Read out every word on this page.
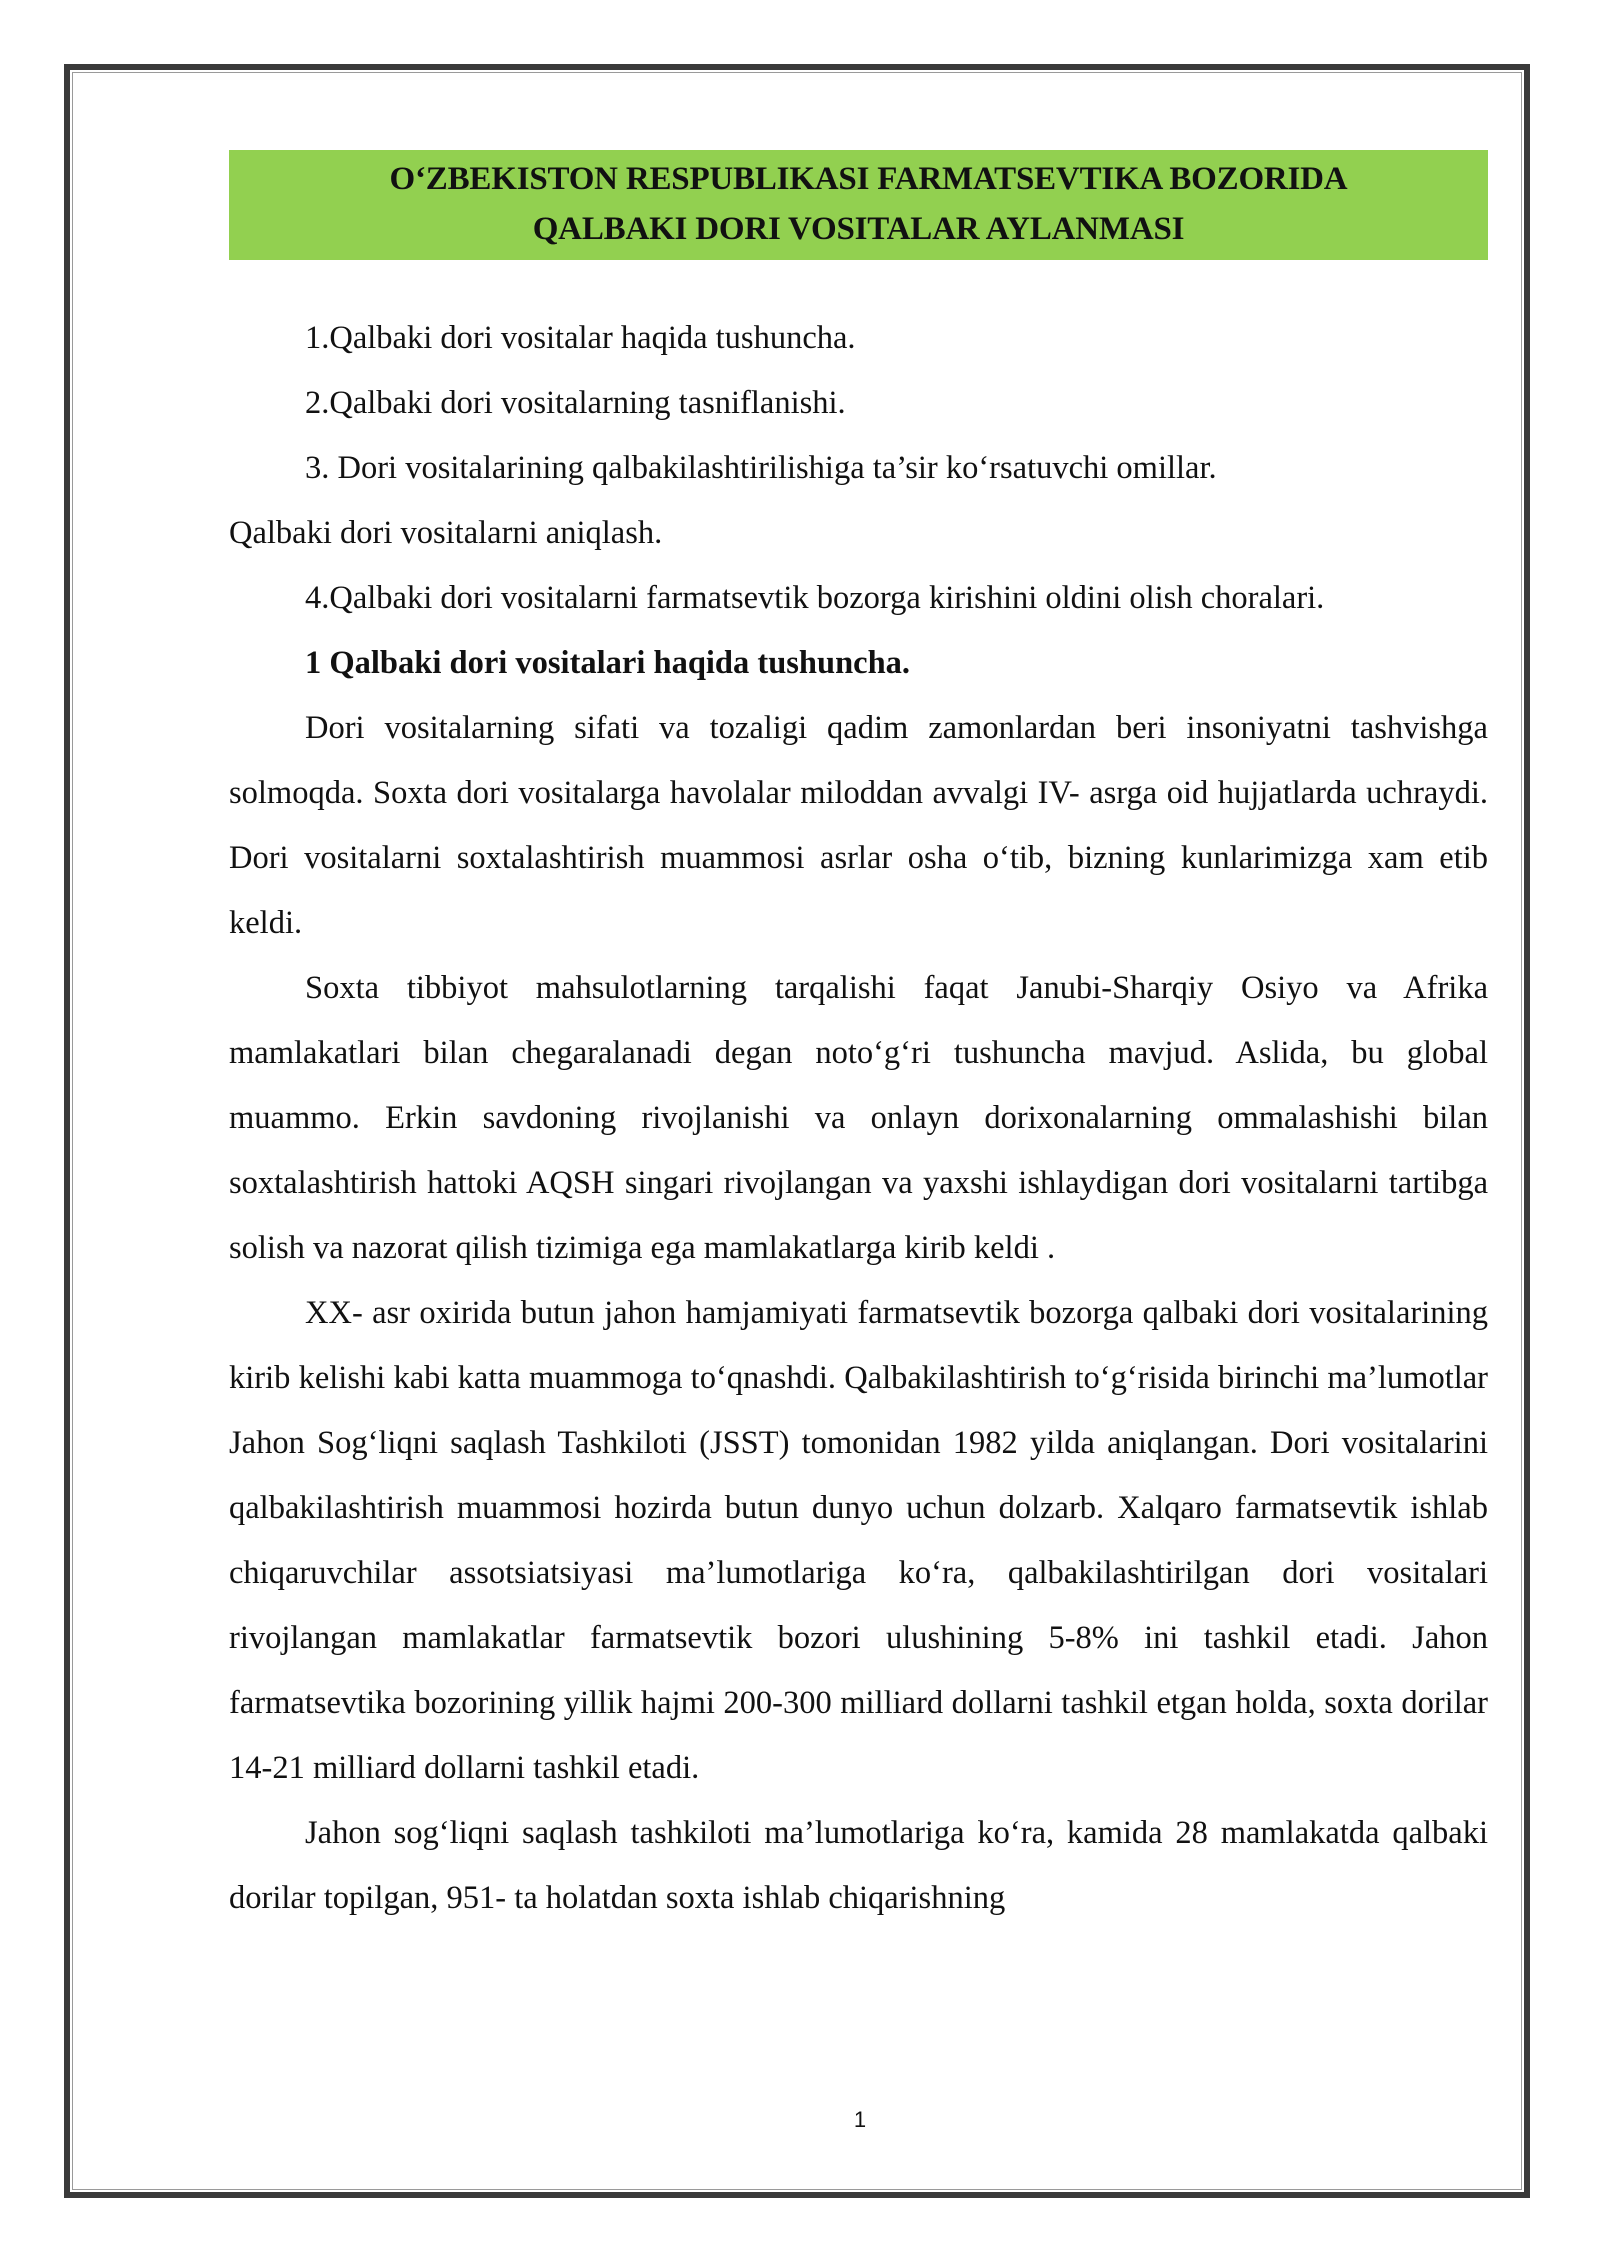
O‘ZBEKISTON RESPUBLIKASI FARMATSEVTIKA BOZORIDA
QALBAKI DORI VOSITALAR AYLANMASI

1.Qalbaki dori vositalar haqida tushuncha.

2.Qalbaki dori vositalarning tasniflanishi.

3. Dori vositalarining qalbakilashtirilishiga ta’sir ko‘rsatuvchi omillar.

Qalbaki dori vositalarni aniqlash.

4.Qalbaki dori vositalarni farmatsevtik bozorga kirishini oldini olish choralari.

1 Qalbaki dori vositalari haqida tushuncha.

Dori vositalarning sifati va tozaligi qadim zamonlardan beri insoniyatni tashvishga solmoqda. Soxta dori vositalarga havolalar miloddan avvalgi IV- asrga oid hujjatlarda uchraydi. Dori vositalarni soxtalashtirish muammosi asrlar osha o‘tib, bizning kunlarimizga xam etib keldi.

Soxta tibbiyot mahsulotlarning tarqalishi faqat Janubi-Sharqiy Osiyo va Afrika mamlakatlari bilan chegaralanadi degan noto‘g‘ri tushuncha mavjud. Aslida, bu global muammo. Erkin savdoning rivojlanishi va onlayn dorixonalarning ommalashishi bilan soxtalashtirish hattoki AQSH singari rivojlangan va yaxshi ishlaydigan dori vositalarni tartibga solish va nazorat qilish tizimiga ega mamlakatlarga kirib keldi .

XX- asr oxirida butun jahon hamjamiyati farmatsevtik bozorga qalbaki dori vositalarining kirib kelishi kabi katta muammoga to‘qnashdi. Qalbakilashtirish to‘g‘risida birinchi ma’lumotlar Jahon Sog‘liqni saqlash Tashkiloti (JSST) tomonidan 1982 yilda aniqlangan. Dori vositalarini qalbakilashtirish muammosi hozirda butun dunyo uchun dolzarb. Xalqaro farmatsevtik ishlab chiqaruvchilar assotsiatsiyasi ma’lumotlariga ko‘ra, qalbakilashtirilgan dori vositalari rivojlangan mamlakatlar farmatsevtik bozori ulushining 5-8% ini tashkil etadi. Jahon farmatsevtika bozorining yillik hajmi 200-300 milliard dollarni tashkil etgan holda, soxta dorilar 14-21 milliard dollarni tashkil etadi.

Jahon sog‘liqni saqlash tashkiloti ma’lumotlariga ko‘ra, kamida 28 mamlakatda qalbaki dorilar topilgan, 951- ta holatdan soxta ishlab chiqarishning

1
